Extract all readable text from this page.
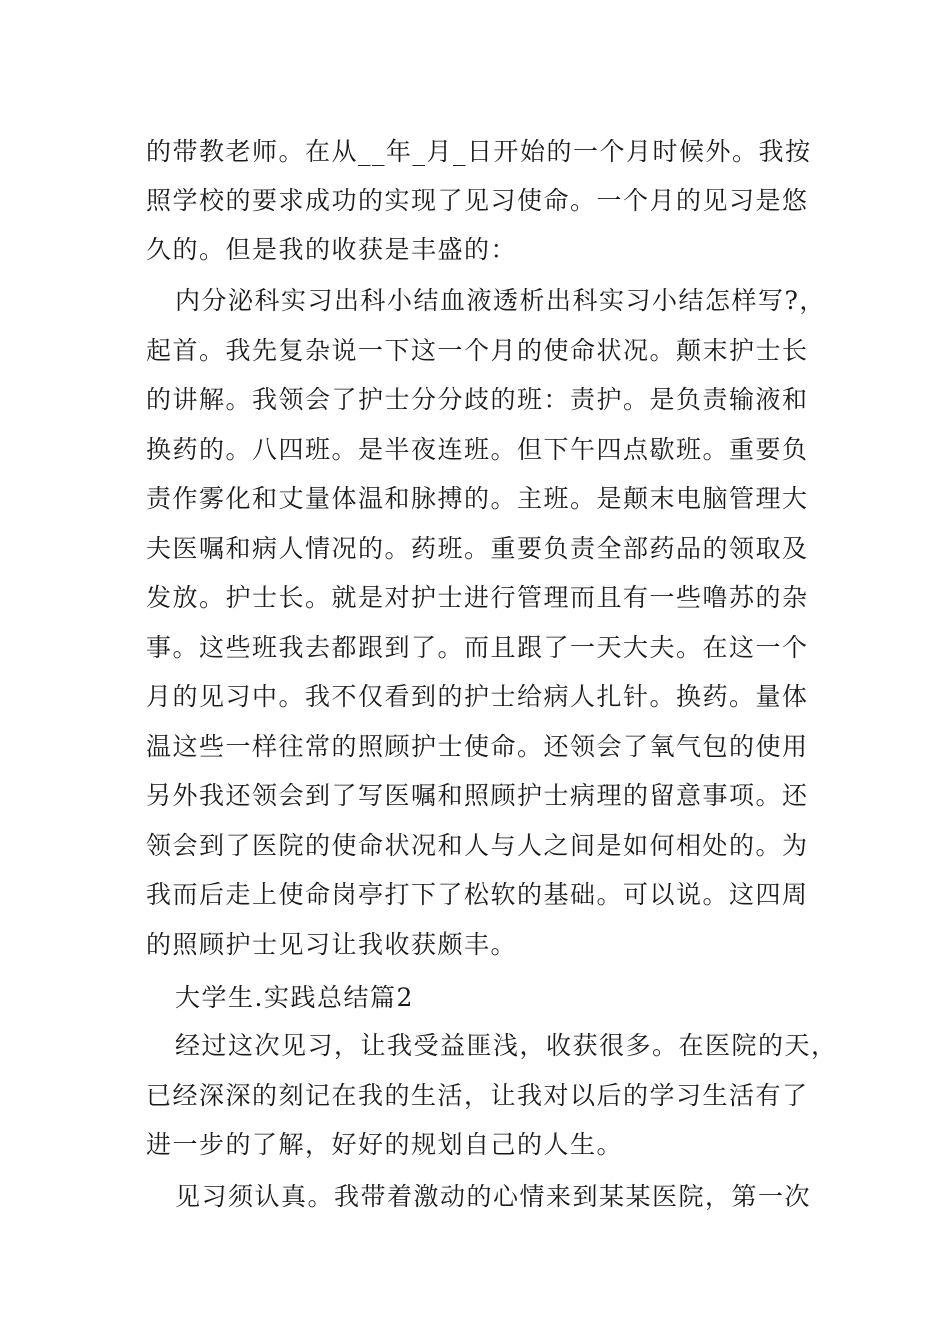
的带教老师。在从__年_月_日开始的一个月时候外。我按
照学校的要求成功的实现了见习使命。一个月的见习是悠
久的。但是我的收获是丰盛的：
内分泌科实习出科小结血液透析出科实习小结怎样写?，
起首。我先复杂说一下这一个月的使命状况。颠末护士长
的讲解。我领会了护士分分歧的班：责护。是负责输液和
换药的。八四班。是半夜连班。但下午四点歇班。重要负
责作雾化和丈量体温和脉搏的。主班。是颠末电脑管理大
夫医嘱和病人情况的。药班。重要负责全部药品的领取及
发放。护士长。就是对护士进行管理而且有一些噜苏的杂
事。这些班我去都跟到了。而且跟了一天大夫。在这一个
月的见习中。我不仅看到的护士给病人扎针。换药。量体
温这些一样往常的照顾护士使命。还领会了氧气包的使用
另外我还领会到了写医嘱和照顾护士病理的留意事项。还
领会到了医院的使命状况和人与人之间是如何相处的。为
我而后走上使命岗亭打下了松软的基础。可以说。这四周
的照顾护士见习让我收获颇丰。
大学生.实践总结篇2
经过这次见习，让我受益匪浅，收获很多。在医院的天，
已经深深的刻记在我的生活，让我对以后的学习生活有了
进一步的了解，好好的规划自己的人生。
见习须认真。我带着激动的心情来到某某医院，第一次
